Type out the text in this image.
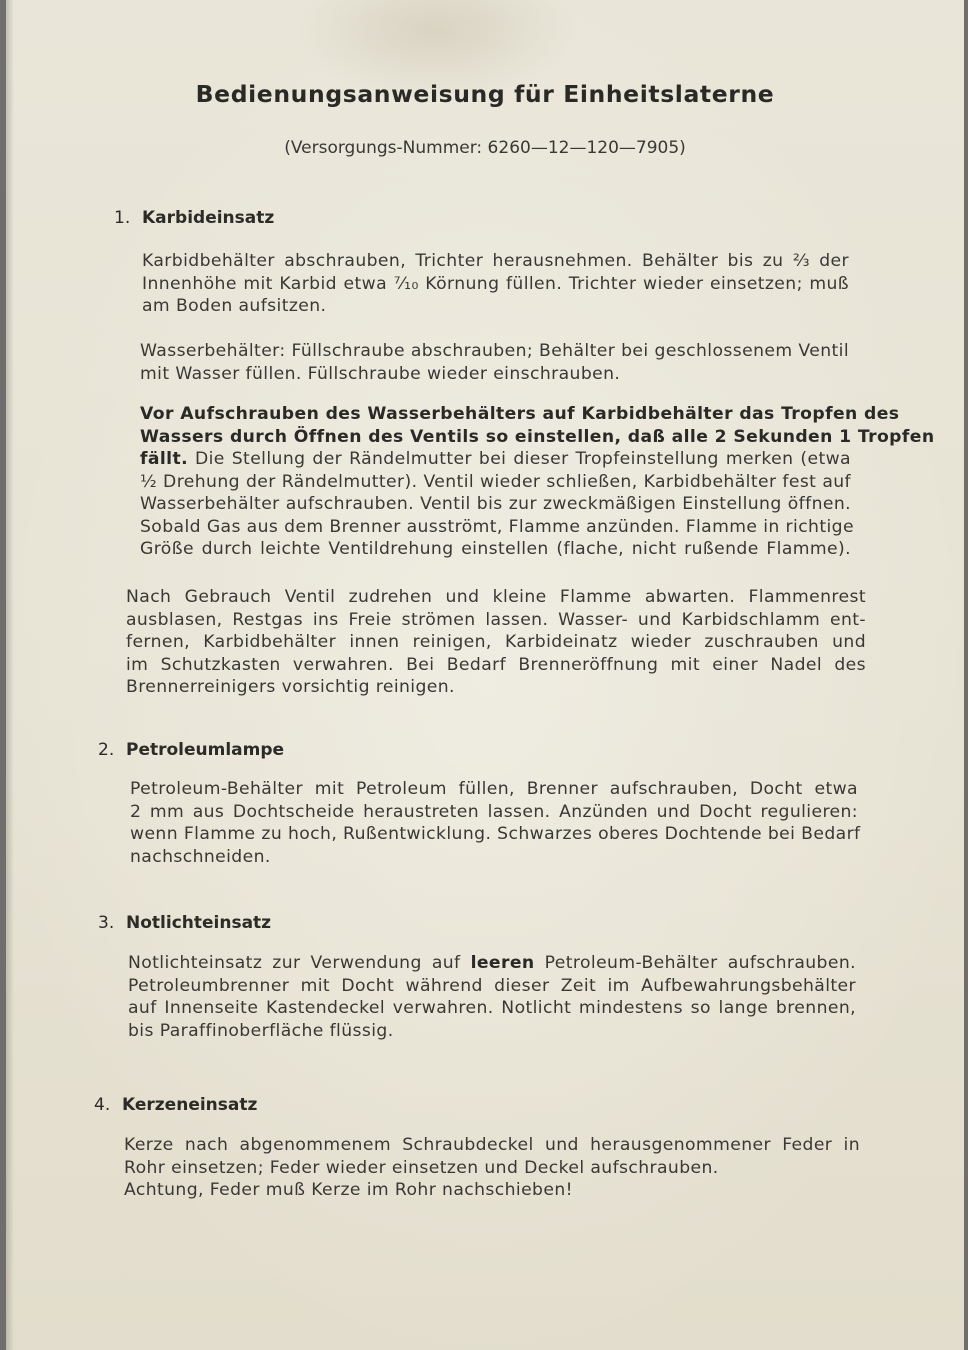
Bedienungsanweisung für Einheitslaterne
(Versorgungs-Nummer: 6260—12—120—7905)
1. Karbideinsatz
Karbidbehälter abschrauben, Trichter herausnehmen. Behälter bis zu ⅔ der
Innenhöhe mit Karbid etwa ⁷⁄₁₀ Körnung füllen. Trichter wieder einsetzen; muß
am Boden aufsitzen.
Wasserbehälter: Füllschraube abschrauben; Behälter bei geschlossenem Ventil
mit Wasser füllen. Füllschraube wieder einschrauben.
Vor Aufschrauben des Wasserbehälters auf Karbidbehälter das Tropfen des
Wassers durch Öffnen des Ventils so einstellen, daß alle 2 Sekunden 1 Tropfen
fällt. Die Stellung der Rändelmutter bei dieser Tropfeinstellung merken (etwa
½ Drehung der Rändelmutter). Ventil wieder schließen, Karbidbehälter fest auf
Wasserbehälter aufschrauben. Ventil bis zur zweckmäßigen Einstellung öffnen.
Sobald Gas aus dem Brenner ausströmt, Flamme anzünden. Flamme in richtige
Größe durch leichte Ventildrehung einstellen (flache, nicht rußende Flamme).
Nach Gebrauch Ventil zudrehen und kleine Flamme abwarten. Flammenrest
ausblasen, Restgas ins Freie strömen lassen. Wasser- und Karbidschlamm ent-
fernen, Karbidbehälter innen reinigen, Karbideinatz wieder zuschrauben und
im Schutzkasten verwahren. Bei Bedarf Brenneröffnung mit einer Nadel des
Brennerreinigers vorsichtig reinigen.
2. Petroleumlampe
Petroleum-Behälter mit Petroleum füllen, Brenner aufschrauben, Docht etwa
2 mm aus Dochtscheide heraustreten lassen. Anzünden und Docht regulieren:
wenn Flamme zu hoch, Rußentwicklung. Schwarzes oberes Dochtende bei Bedarf
nachschneiden.
3. Notlichteinsatz
Notlichteinsatz zur Verwendung auf leeren Petroleum-Behälter aufschrauben.
Petroleumbrenner mit Docht während dieser Zeit im Aufbewahrungsbehälter
auf Innenseite Kastendeckel verwahren. Notlicht mindestens so lange brennen,
bis Paraffinoberfläche flüssig.
4. Kerzeneinsatz
Kerze nach abgenommenem Schraubdeckel und herausgenommener Feder in
Rohr einsetzen; Feder wieder einsetzen und Deckel aufschrauben.
Achtung, Feder muß Kerze im Rohr nachschieben!
